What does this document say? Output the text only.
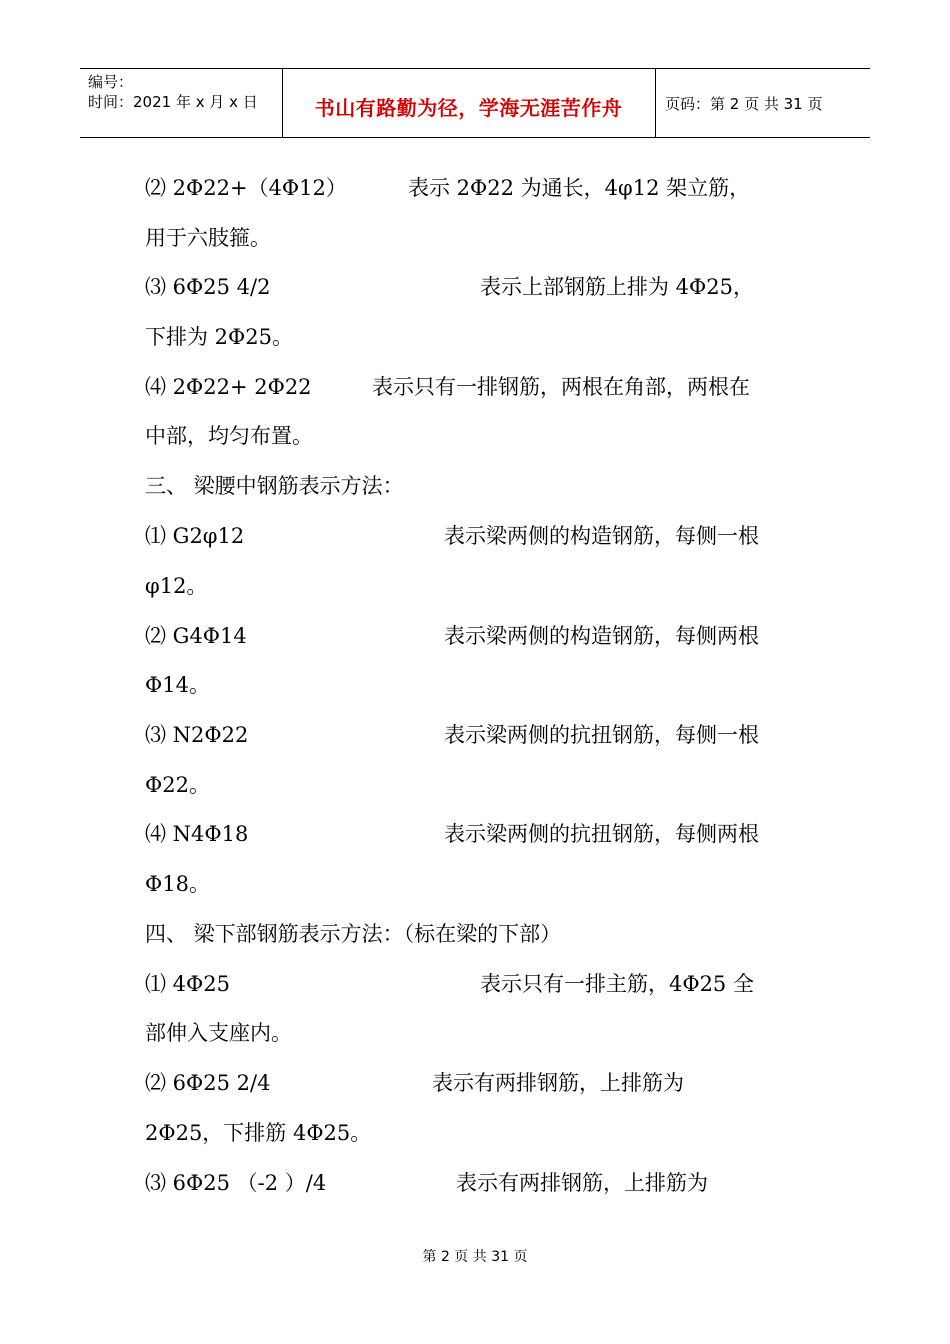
编号：
时间：2021 年 x 月 x 日	书山有路勤为径，学海无涯苦作舟	页码：第 2 页 共 31 页
⑵ 2Φ22+（4Φ12）	表示 2Φ22 为通长，4φ12 架立筋，
用于六肢箍。
⑶ 6Φ25 4/2	表示上部钢筋上排为 4Φ25，
下排为 2Φ25。
⑷ 2Φ22+ 2Φ22	表示只有一排钢筋，两根在角部，两根在
中部，均匀布置。
三、 梁腰中钢筋表示方法：
⑴ G2φ12	表示梁两侧的构造钢筋，每侧一根
φ12。
⑵ G4Φ14	表示梁两侧的构造钢筋，每侧两根
Φ14。
⑶ N2Φ22	表示梁两侧的抗扭钢筋，每侧一根
Φ22。
⑷ N4Φ18	表示梁两侧的抗扭钢筋，每侧两根
Φ18。
四、 梁下部钢筋表示方法：（标在梁的下部）
⑴ 4Φ25	表示只有一排主筋，4Φ25 全
部伸入支座内。
⑵ 6Φ25 2/4	表示有两排钢筋，上排筋为
2Φ25，下排筋 4Φ25。
⑶ 6Φ25 （-2 ）/4	表示有两排钢筋，上排筋为
第 2 页 共 31 页
